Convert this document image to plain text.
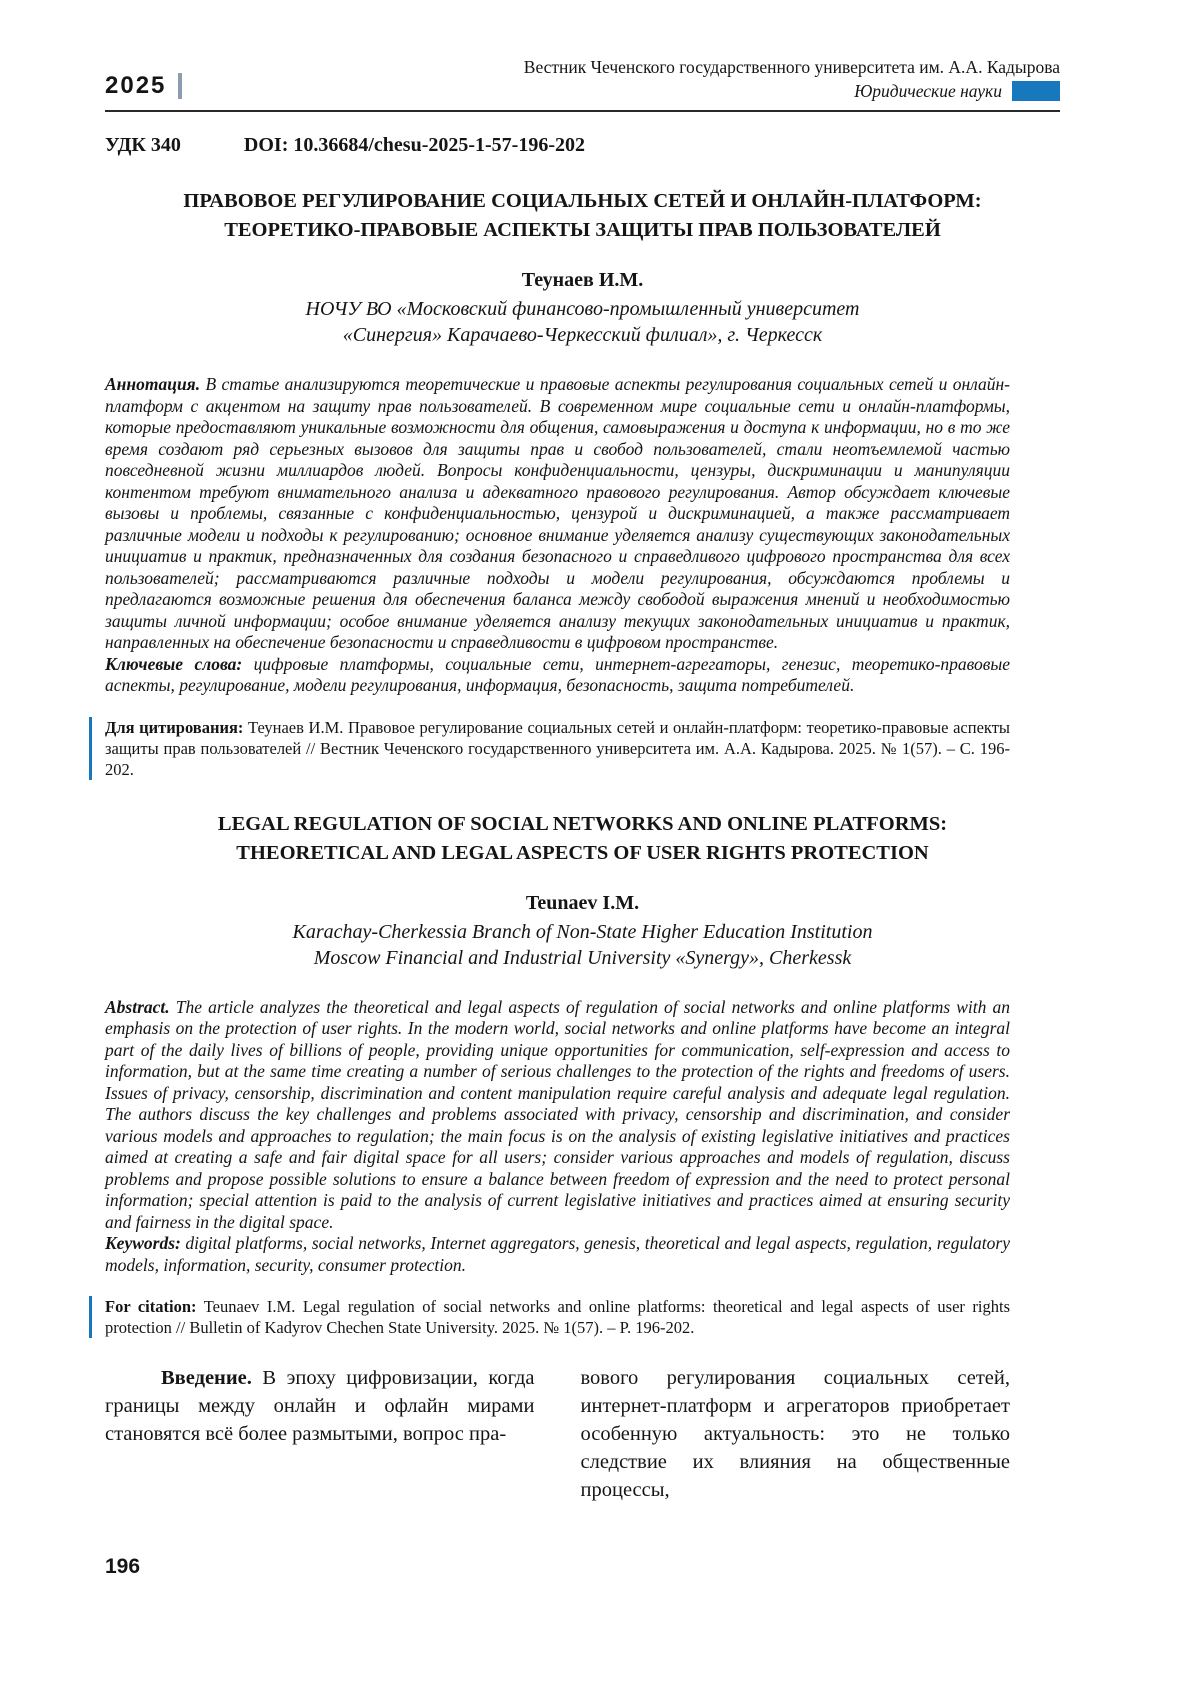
2025
Вестник Чеченского государственного университета им. А.А. Кадырова
Юридические науки
УДК 340	DOI: 10.36684/chesu-2025-1-57-196-202
ПРАВОВОЕ РЕГУЛИРОВАНИЕ СОЦИАЛЬНЫХ СЕТЕЙ И ОНЛАЙН-ПЛАТФОРМ:
ТЕОРЕТИКО-ПРАВОВЫЕ АСПЕКТЫ ЗАЩИТЫ ПРАВ ПОЛЬЗОВАТЕЛЕЙ
Теунаев И.М.
НОЧУ ВО «Московский финансово-промышленный университет
«Синергия» Карачаево-Черкесский филиал», г. Черкесск
Аннотация. В статье анализируются теоретические и правовые аспекты регулирования социальных сетей и онлайн-платформ с акцентом на защиту прав пользователей. В современном мире социальные сети и онлайн-платформы, которые предоставляют уникальные возможности для общения, самовыражения и доступа к информации, но в то же время создают ряд серьезных вызовов для защиты прав и свобод пользователей, стали неотъемлемой частью повседневной жизни миллиардов людей. Вопросы конфиденциальности, цензуры, дискриминации и манипуляции контентом требуют внимательного анализа и адекватного правового регулирования. Автор обсуждает ключевые вызовы и проблемы, связанные с конфиденциальностью, цензурой и дискриминацией, а также рассматривает различные модели и подходы к регулированию; основное внимание уделяется анализу существующих законодательных инициатив и практик, предназначенных для создания безопасного и справедливого цифрового пространства для всех пользователей; рассматриваются различные подходы и модели регулирования, обсуждаются проблемы и предлагаются возможные решения для обеспечения баланса между свободой выражения мнений и необходимостью защиты личной информации; особое внимание уделяется анализу текущих законодательных инициатив и практик, направленных на обеспечение безопасности и справедливости в цифровом пространстве.
Ключевые слова: цифровые платформы, социальные сети, интернет-агрегаторы, генезис, теоретико-правовые аспекты, регулирование, модели регулирования, информация, безопасность, защита потребителей.
Для цитирования: Теунаев И.М. Правовое регулирование социальных сетей и онлайн-платформ: теоретико-правовые аспекты защиты прав пользователей // Вестник Чеченского государственного университета им. А.А. Кадырова. 2025. № 1(57). – С. 196-202.
LEGAL REGULATION OF SOCIAL NETWORKS AND ONLINE PLATFORMS:
THEORETICAL AND LEGAL ASPECTS OF USER RIGHTS PROTECTION
Teunaev I.M.
Karachay-Cherkessia Branch of Non-State Higher Education Institution
Moscow Financial and Industrial University «Synergy», Cherkessk
Abstract. The article analyzes the theoretical and legal aspects of regulation of social networks and online platforms with an emphasis on the protection of user rights. In the modern world, social networks and online platforms have become an integral part of the daily lives of billions of people, providing unique opportunities for communication, self-expression and access to information, but at the same time creating a number of serious challenges to the protection of the rights and freedoms of users. Issues of privacy, censorship, discrimination and content manipulation require careful analysis and adequate legal regulation. The authors discuss the key challenges and problems associated with privacy, censorship and discrimination, and consider various models and approaches to regulation; the main focus is on the analysis of existing legislative initiatives and practices aimed at creating a safe and fair digital space for all users; consider various approaches and models of regulation, discuss problems and propose possible solutions to ensure a balance between freedom of expression and the need to protect personal information; special attention is paid to the analysis of current legislative initiatives and practices aimed at ensuring security and fairness in the digital space.
Keywords: digital platforms, social networks, Internet aggregators, genesis, theoretical and legal aspects, regulation, regulatory models, information, security, consumer protection.
For citation: Teunaev I.M. Legal regulation of social networks and online platforms: theoretical and legal aspects of user rights protection // Bulletin of Kadyrov Chechen State University. 2025. № 1(57). – P. 196-202.
Введение. В эпоху цифровизации, когда границы между онлайн и офлайн мирами становятся всё более размытыми, вопрос пра-
вового регулирования социальных сетей, интернет-платформ и агрегаторов приобретает особенную актуальность: это не только следствие их влияния на общественные процессы,
196
